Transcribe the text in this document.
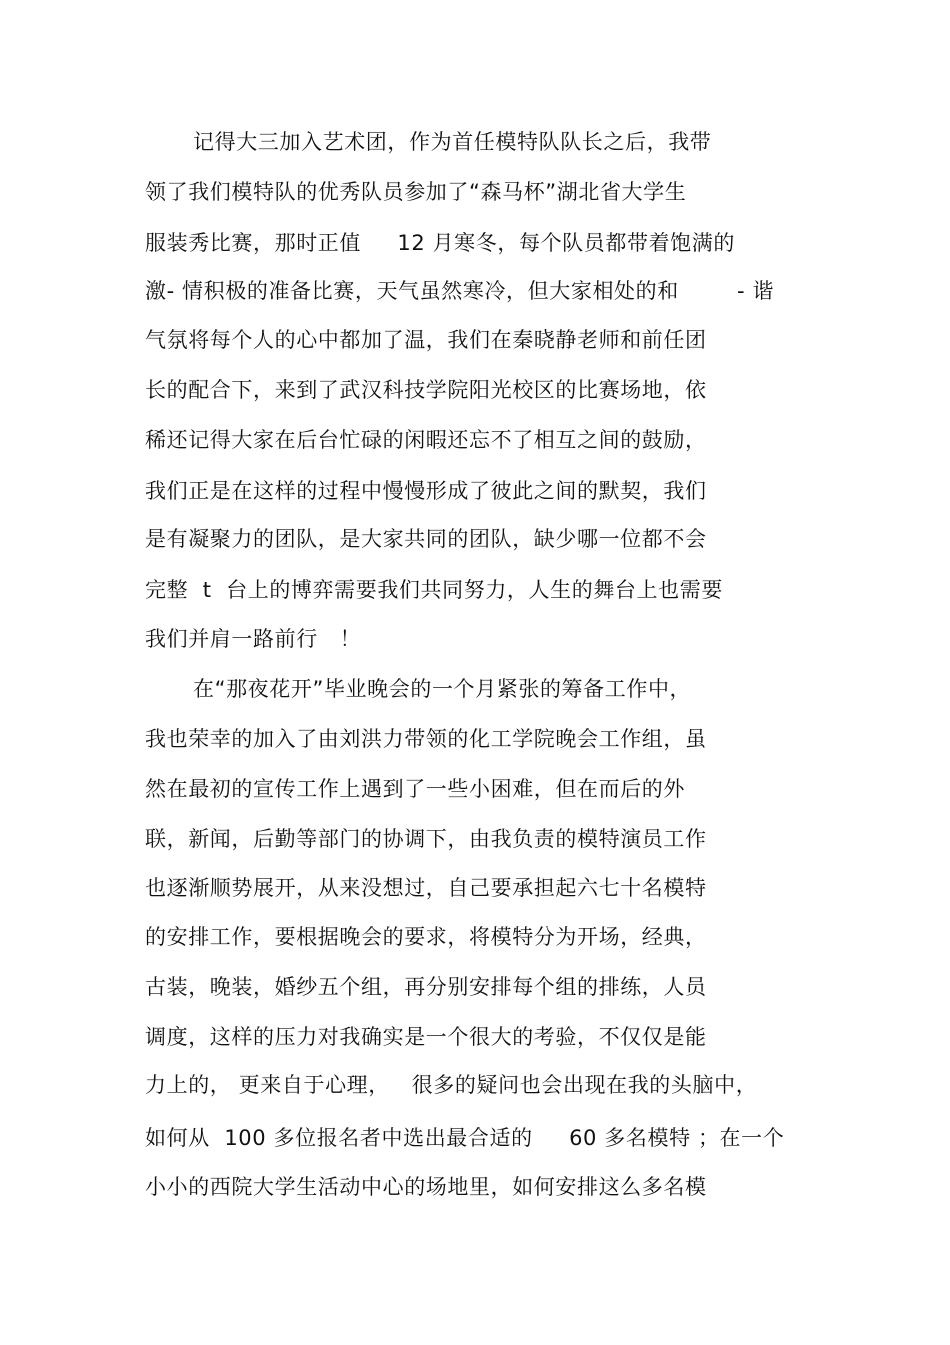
记得大三加入艺术团，作为首任模特队队长之后，我带
领了我们模特队的优秀队员参加了“森马杯”湖北省大学生
服装秀比赛，那时正值     12 月寒冬，每个队员都带着饱满的
激- 情积极的准备比赛，天气虽然寒冷，但大家相处的和        - 谐
气氛将每个人的心中都加了温，我们在秦晓静老师和前任团
长的配合下，来到了武汉科技学院阳光校区的比赛场地，依
稀还记得大家在后台忙碌的闲暇还忘不了相互之间的鼓励，
我们正是在这样的过程中慢慢形成了彼此之间的默契，我们
是有凝聚力的团队，是大家共同的团队，缺少哪一位都不会
完整  t  台上的博弈需要我们共同努力，人生的舞台上也需要
我们并肩一路前行   ！
在“那夜花开”毕业晚会的一个月紧张的筹备工作中，
我也荣幸的加入了由刘洪力带领的化工学院晚会工作组，虽
然在最初的宣传工作上遇到了一些小困难，但在而后的外
联，新闻，后勤等部门的协调下，由我负责的模特演员工作
也逐渐顺势展开，从来没想过，自己要承担起六七十名模特
的安排工作，要根据晚会的要求，将模特分为开场，经典，
古装，晚装，婚纱五个组，再分别安排每个组的排练，人员
调度，这样的压力对我确实是一个很大的考验，不仅仅是能
力上的， 更来自于心理，   很多的疑问也会出现在我的头脑中，
如何从  100 多位报名者中选出最合适的     60 多名模特 ；在一个
小小的西院大学生活动中心的场地里，如何安排这么多名模
